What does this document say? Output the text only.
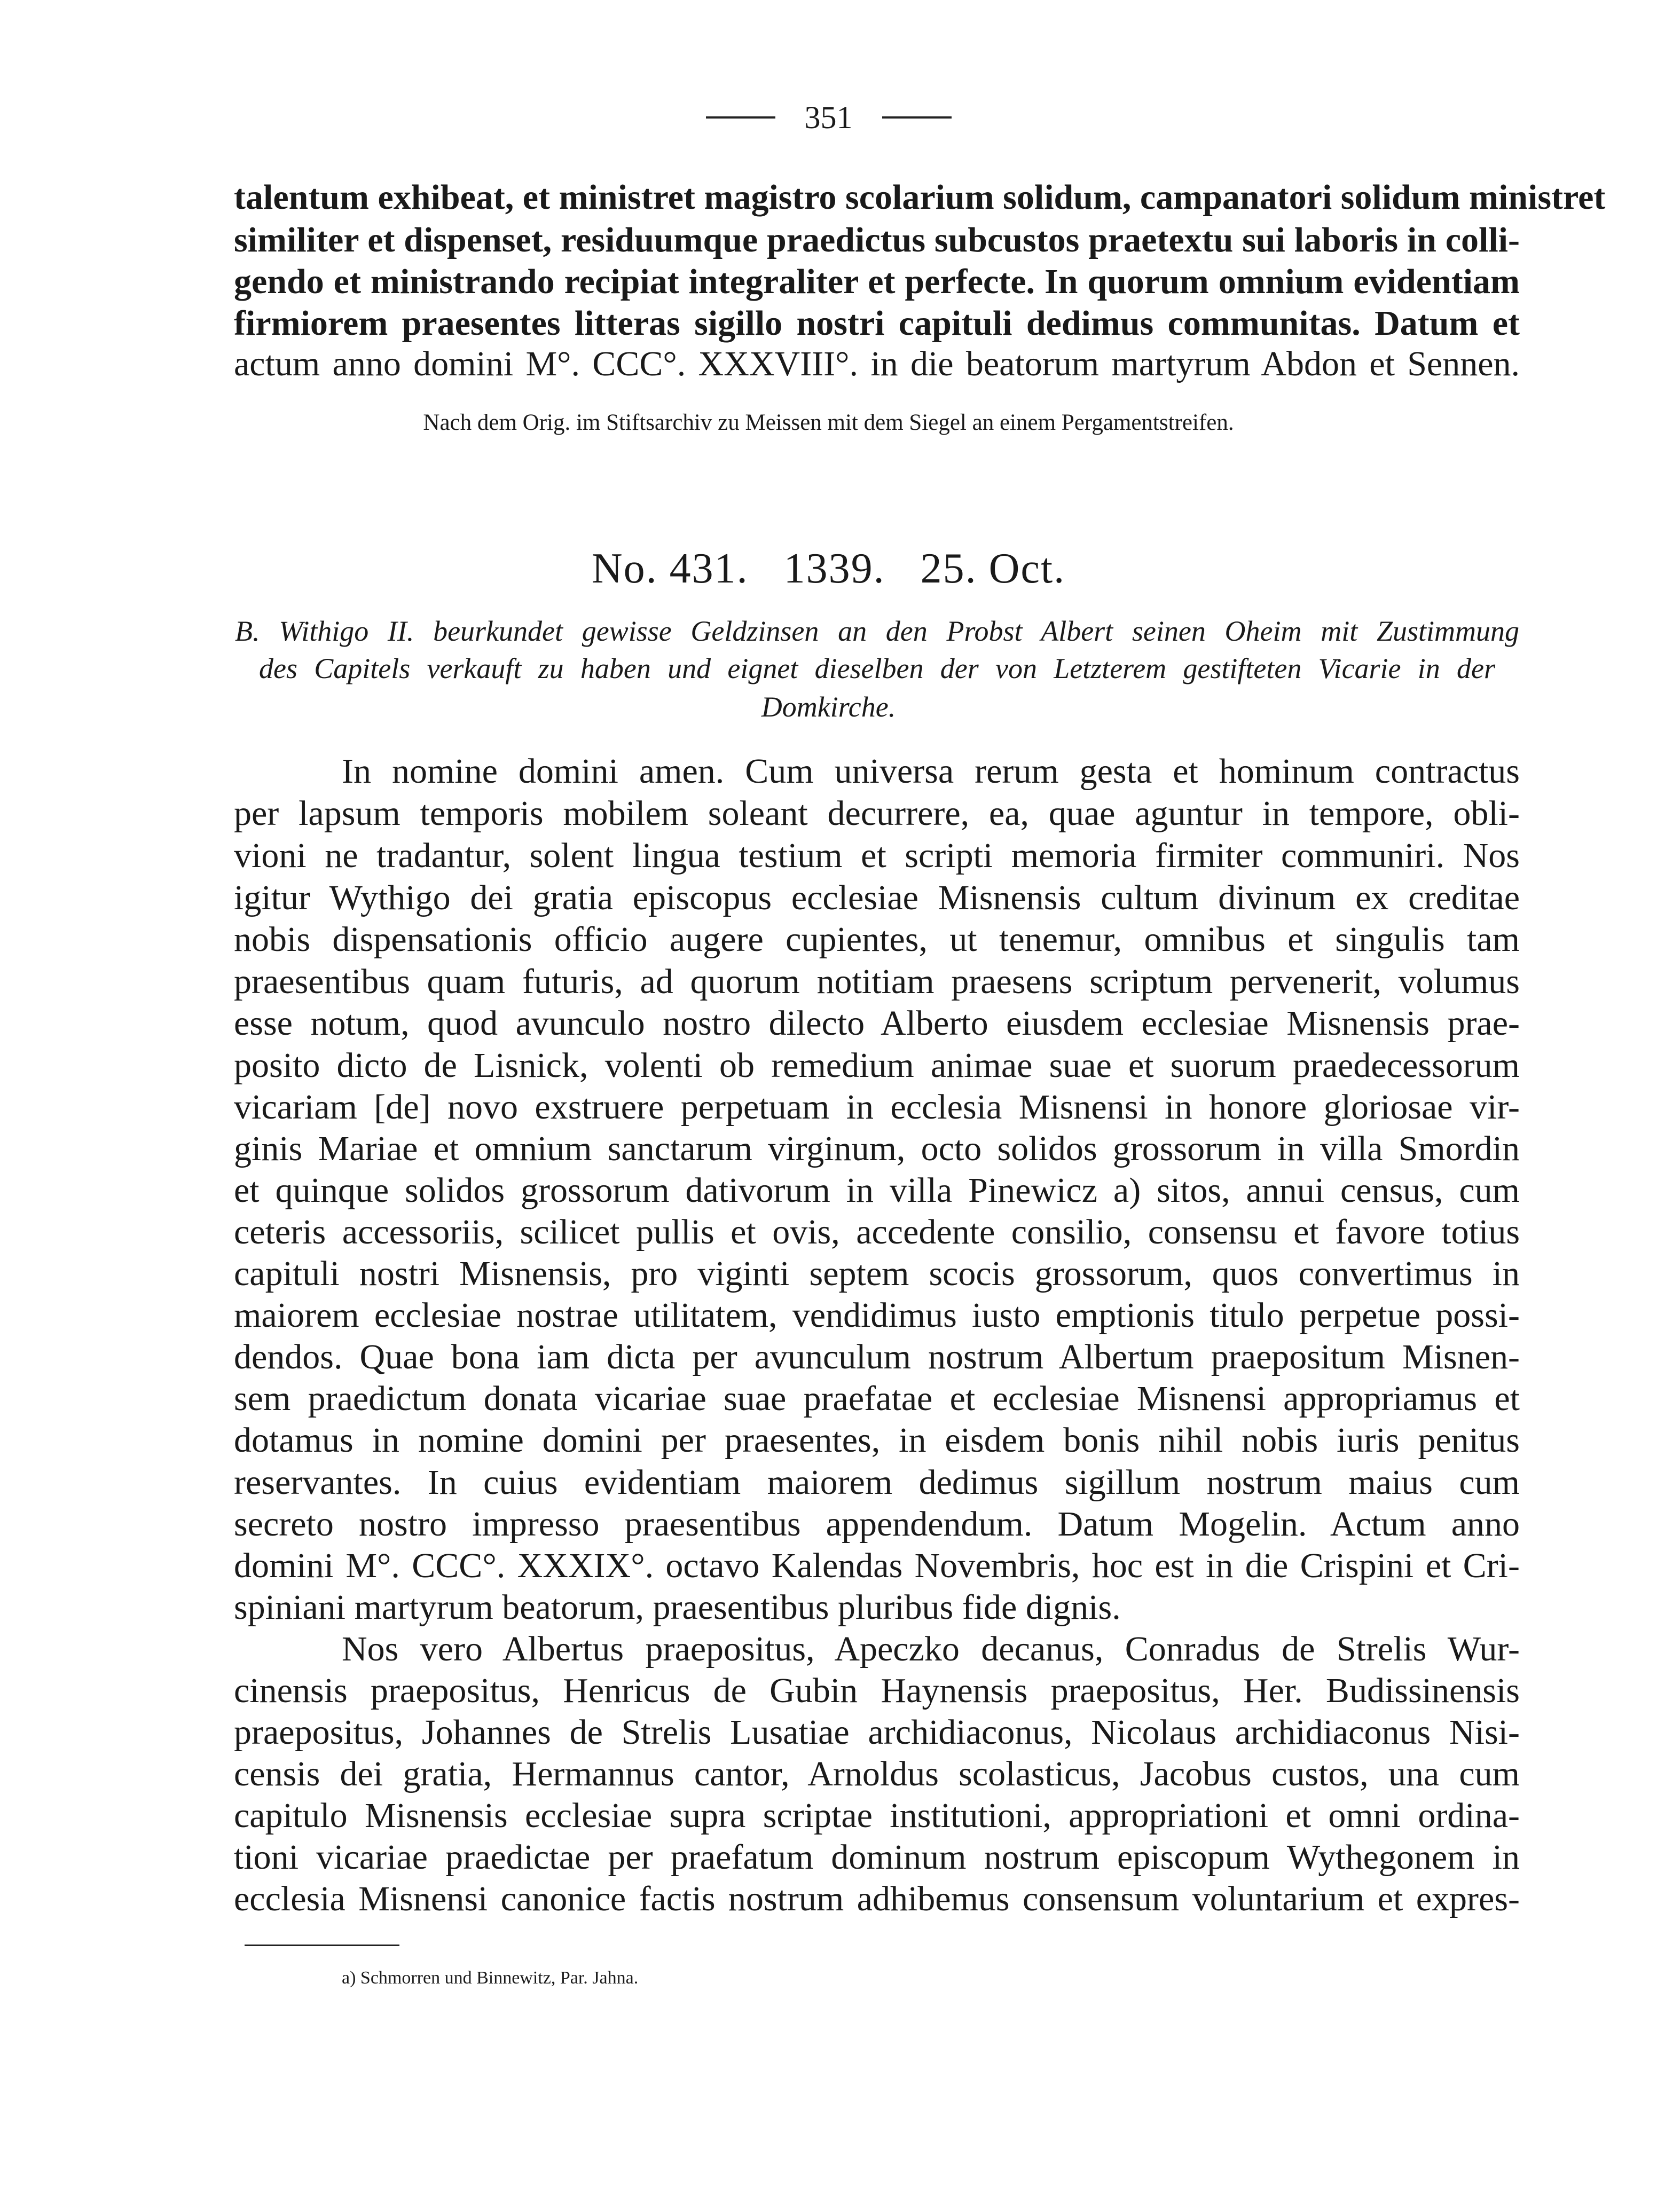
351
talentum exhibeat, et ministret magistro scolarium solidum, campanatori solidum ministret
similiter et dispenset, residuumque praedictus subcustos praetextu sui laboris in colli-
gendo et ministrando recipiat integraliter et perfecte. In quorum omnium evidentiam
firmiorem praesentes litteras sigillo nostri capituli dedimus communitas. Datum et
actum anno domini M°. CCC°. XXXVIII°. in die beatorum martyrum Abdon et Sennen.
Nach dem Orig. im Stiftsarchiv zu Meissen mit dem Siegel an einem Pergamentstreifen.
No. 431.   1339.   25. Oct.
B. Withigo II. beurkundet gewisse Geldzinsen an den Probst Albert seinen Oheim mit Zustimmung
des Capitels verkauft zu haben und eignet dieselben der von Letzterem gestifteten Vicarie in der
Domkirche.
In nomine domini amen. Cum universa rerum gesta et hominum contractus
per lapsum temporis mobilem soleant decurrere, ea, quae aguntur in tempore, obli-
vioni ne tradantur, solent lingua testium et scripti memoria firmiter communiri. Nos
igitur Wythigo dei gratia episcopus ecclesiae Misnensis cultum divinum ex creditae
nobis dispensationis officio augere cupientes, ut tenemur, omnibus et singulis tam
praesentibus quam futuris, ad quorum notitiam praesens scriptum pervenerit, volumus
esse notum, quod avunculo nostro dilecto Alberto eiusdem ecclesiae Misnensis prae-
posito dicto de Lisnick, volenti ob remedium animae suae et suorum praedecessorum
vicariam [de] novo exstruere perpetuam in ecclesia Misnensi in honore gloriosae vir-
ginis Mariae et omnium sanctarum virginum, octo solidos grossorum in villa Smordin
et quinque solidos grossorum dativorum in villa Pinewicz a) sitos, annui census, cum
ceteris accessoriis, scilicet pullis et ovis, accedente consilio, consensu et favore totius
capituli nostri Misnensis, pro viginti septem scocis grossorum, quos convertimus in
maiorem ecclesiae nostrae utilitatem, vendidimus iusto emptionis titulo perpetue possi-
dendos. Quae bona iam dicta per avunculum nostrum Albertum praepositum Misnen-
sem praedictum donata vicariae suae praefatae et ecclesiae Misnensi appropriamus et
dotamus in nomine domini per praesentes, in eisdem bonis nihil nobis iuris penitus
reservantes. In cuius evidentiam maiorem dedimus sigillum nostrum maius cum
secreto nostro impresso praesentibus appendendum. Datum Mogelin. Actum anno
domini M°. CCC°. XXXIX°. octavo Kalendas Novembris, hoc est in die Crispini et Cri-
spiniani martyrum beatorum, praesentibus pluribus fide dignis.
Nos vero Albertus praepositus, Apeczko decanus, Conradus de Strelis Wur-
cinensis praepositus, Henricus de Gubin Haynensis praepositus, Her. Budissinensis
praepositus, Johannes de Strelis Lusatiae archidiaconus, Nicolaus archidiaconus Nisi-
censis dei gratia, Hermannus cantor, Arnoldus scolasticus, Jacobus custos, una cum
capitulo Misnensis ecclesiae supra scriptae institutioni, appropriationi et omni ordina-
tioni vicariae praedictae per praefatum dominum nostrum episcopum Wythegonem in
ecclesia Misnensi canonice factis nostrum adhibemus consensum voluntarium et expres-
a) Schmorren und Binnewitz, Par. Jahna.
